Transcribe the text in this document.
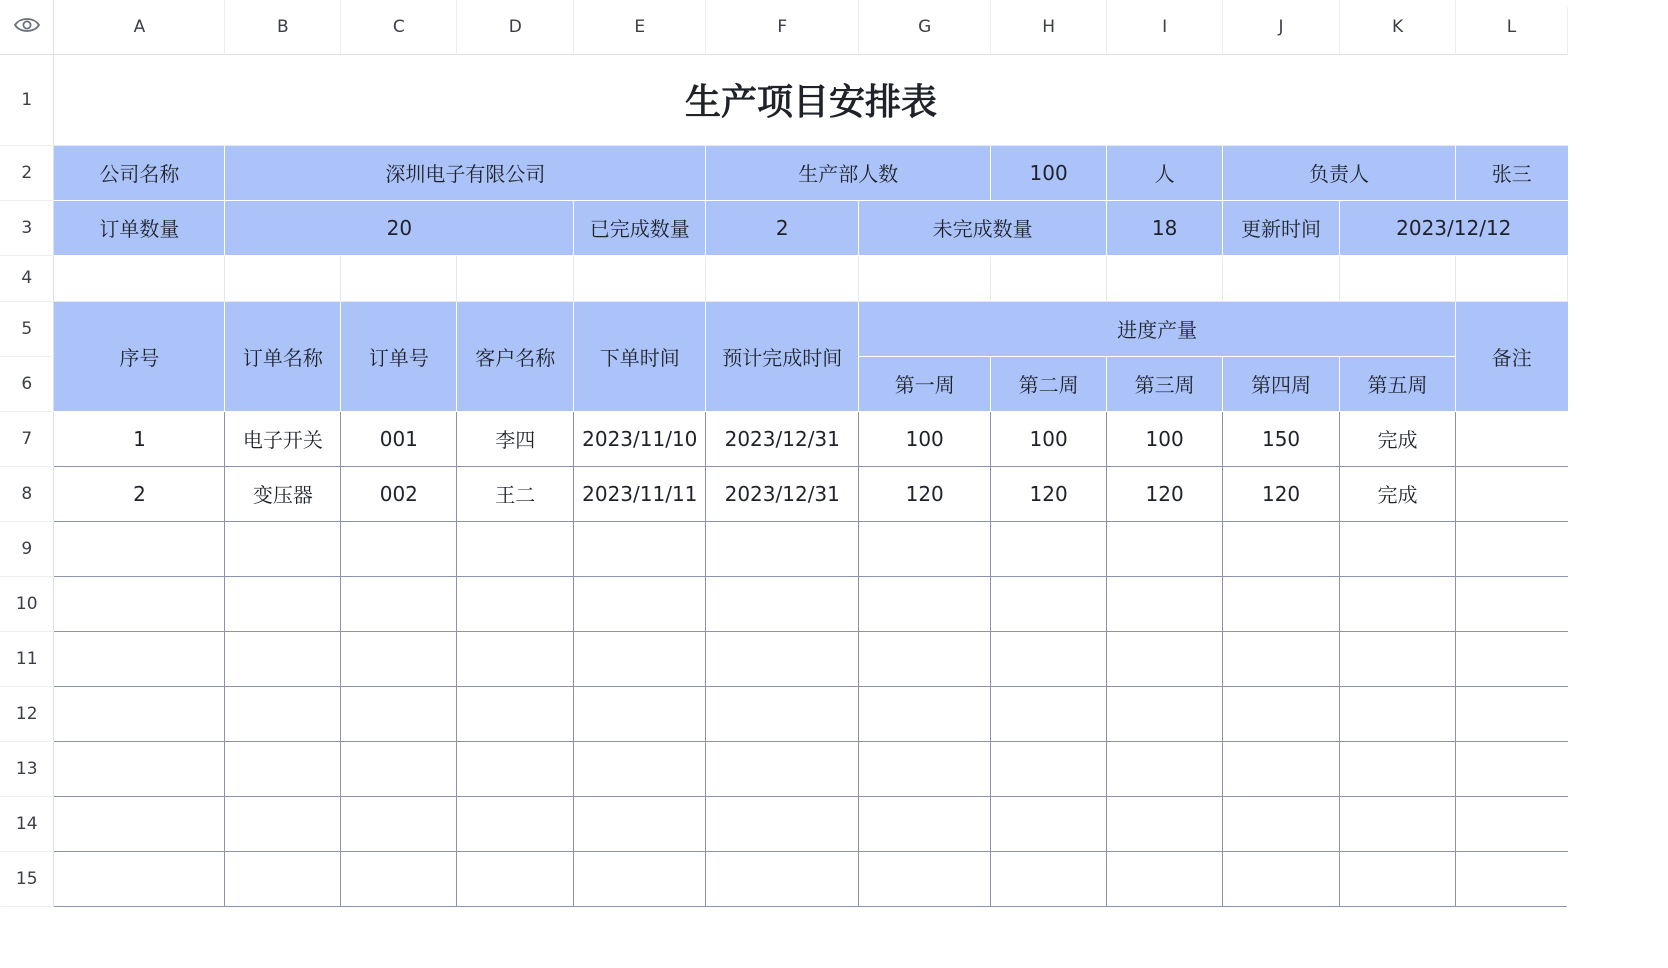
	A	B	C	D	E	F	G	H	I	J	K	L
1	生产项目安排表											
2	公司名称	深圳电子有限公司				生产部人数		100	人	负责人		张三
3	订单数量	20			已完成数量	2	未完成数量		18	更新时间	2023/12/12	
4												
5	序号	订单名称	订单号	客户名称	下单时间	预计完成时间	进度产量					备注
6							第一周	第二周	第三周	第四周	第五周	
7	1	电子开关	001	李四	2023/11/10	2023/12/31	100	100	100	150	完成	
8	2	变压器	002	王二	2023/11/11	2023/12/31	120	120	120	120	完成	
9												
10												
11												
12												
13												
14												
15												
